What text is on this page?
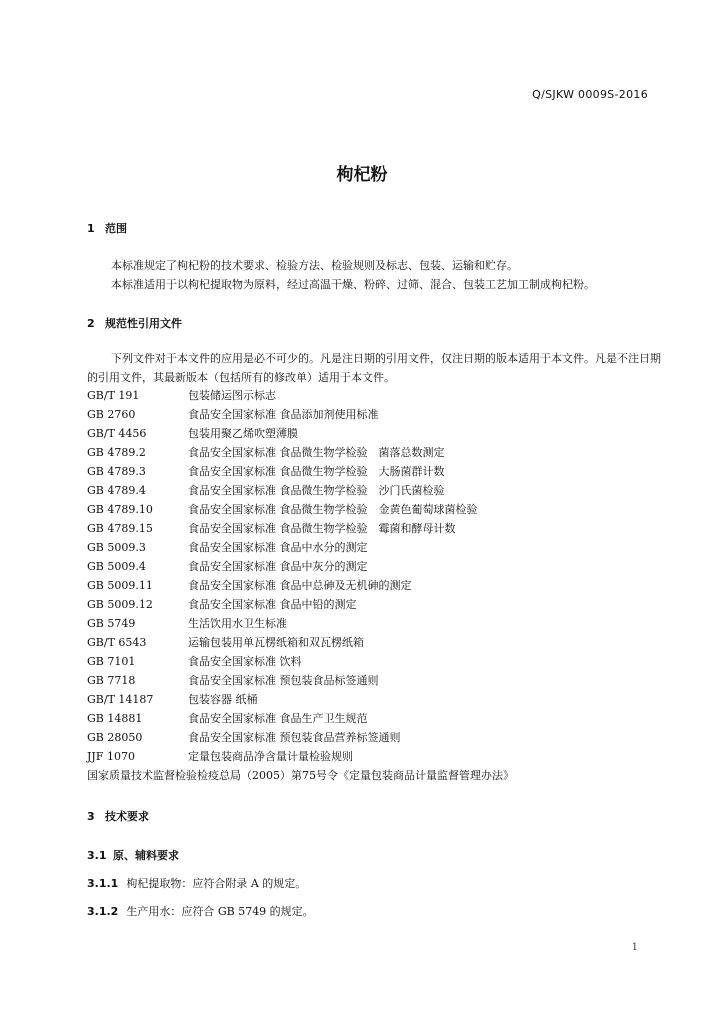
Q/SJKW 0009S-2016
枸杞粉
1 范围
本标准规定了枸杞粉的技术要求、检验方法、检验规则及标志、包装、运输和贮存。
本标准适用于以枸杞提取物为原料，经过高温干燥、粉碎、过筛、混合、包装工艺加工制成枸杞粉。
2 规范性引用文件
下列文件对于本文件的应用是必不可少的。凡是注日期的引用文件，仅注日期的版本适用于本文件。凡是不注日期的引用文件，其最新版本（包括所有的修改单）适用于本文件。
GB/T 191	包装储运图示标志
GB 2760	食品安全国家标准 食品添加剂使用标准
GB/T 4456	包装用聚乙烯吹塑薄膜
GB 4789.2	食品安全国家标准 食品微生物学检验　菌落总数测定
GB 4789.3	食品安全国家标准 食品微生物学检验　大肠菌群计数
GB 4789.4	食品安全国家标准 食品微生物学检验　沙门氏菌检验
GB 4789.10	食品安全国家标准 食品微生物学检验　金黄色葡萄球菌检验
GB 4789.15	食品安全国家标准 食品微生物学检验　霉菌和酵母计数
GB 5009.3	食品安全国家标准 食品中水分的测定
GB 5009.4	食品安全国家标准 食品中灰分的测定
GB 5009.11	食品安全国家标准 食品中总砷及无机砷的测定
GB 5009.12	食品安全国家标准 食品中铅的测定
GB 5749	生活饮用水卫生标准
GB/T 6543	运输包装用单瓦楞纸箱和双瓦楞纸箱
GB 7101	食品安全国家标准 饮料
GB 7718	食品安全国家标准 预包装食品标签通则
GB/T 14187	包装容器 纸桶
GB 14881	食品安全国家标准 食品生产卫生规范
GB 28050	食品安全国家标准 预包装食品营养标签通则
JJF 1070	定量包装商品净含量计量检验规则
国家质量技术监督检验检疫总局（2005）第75号令《定量包装商品计量监督管理办法》
3 技术要求
3.1 原、辅料要求
3.1.1 枸杞提取物：应符合附录 A 的规定。
3.1.2 生产用水：应符合 GB 5749 的规定。
1
